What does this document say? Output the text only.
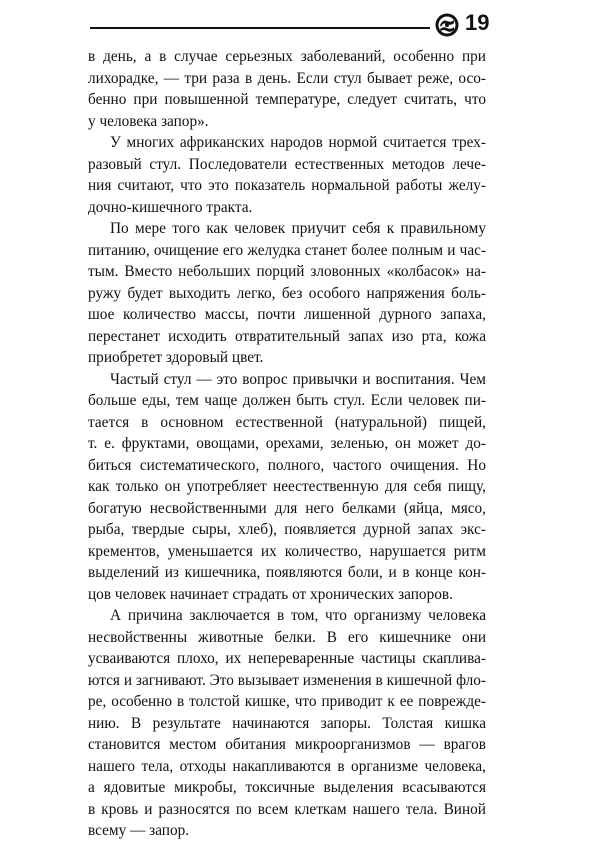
19

в день, а в случае серьезных заболеваний, особенно при
лихорадке, — три раза в день. Если стул бывает реже, осо-
бенно при повышенной температуре, следует считать, что
у человека запор».

У многих африканских народов нормой считается трех-
разовый стул. Последователи естественных методов лече-
ния считают, что это показатель нормальной работы желу-
дочно-кишечного тракта.

По мере того как человек приучит себя к правильному
питанию, очищение его желудка станет более полным и час-
тым. Вместо небольших порций зловонных «колбасок» на-
ружу будет выходить легко, без особого напряжения боль-
шое количество массы, почти лишенной дурного запаха,
перестанет исходить отвратительный запах изо рта, кожа
приобретет здоровый цвет.

Частый стул — это вопрос привычки и воспитания. Чем
больше еды, тем чаще должен быть стул. Если человек пи-
тается в основном естественной (натуральной) пищей,
т. е. фруктами, овощами, орехами, зеленью, он может до-
биться систематического, полного, частого очищения. Но
как только он употребляет неестественную для себя пищу,
богатую несвойственными для него белками (яйца, мясо,
рыба, твердые сыры, хлеб), появляется дурной запах экс-
крементов, уменьшается их количество, нарушается ритм
выделений из кишечника, появляются боли, и в конце кон-
цов человек начинает страдать от хронических запоров.

А причина заключается в том, что организму человека
несвойственны животные белки. В его кишечнике они
усваиваются плохо, их непереваренные частицы скаплива-
ются и загнивают. Это вызывает изменения в кишечной фло-
ре, особенно в толстой кишке, что приводит к ее поврежде-
нию. В результате начинаются запоры. Толстая кишка
становится местом обитания микроорганизмов — врагов
нашего тела, отходы накапливаются в организме человека,
а ядовитые микробы, токсичные выделения всасываются
в кровь и разносятся по всем клеткам нашего тела. Виной
всему — запор.
